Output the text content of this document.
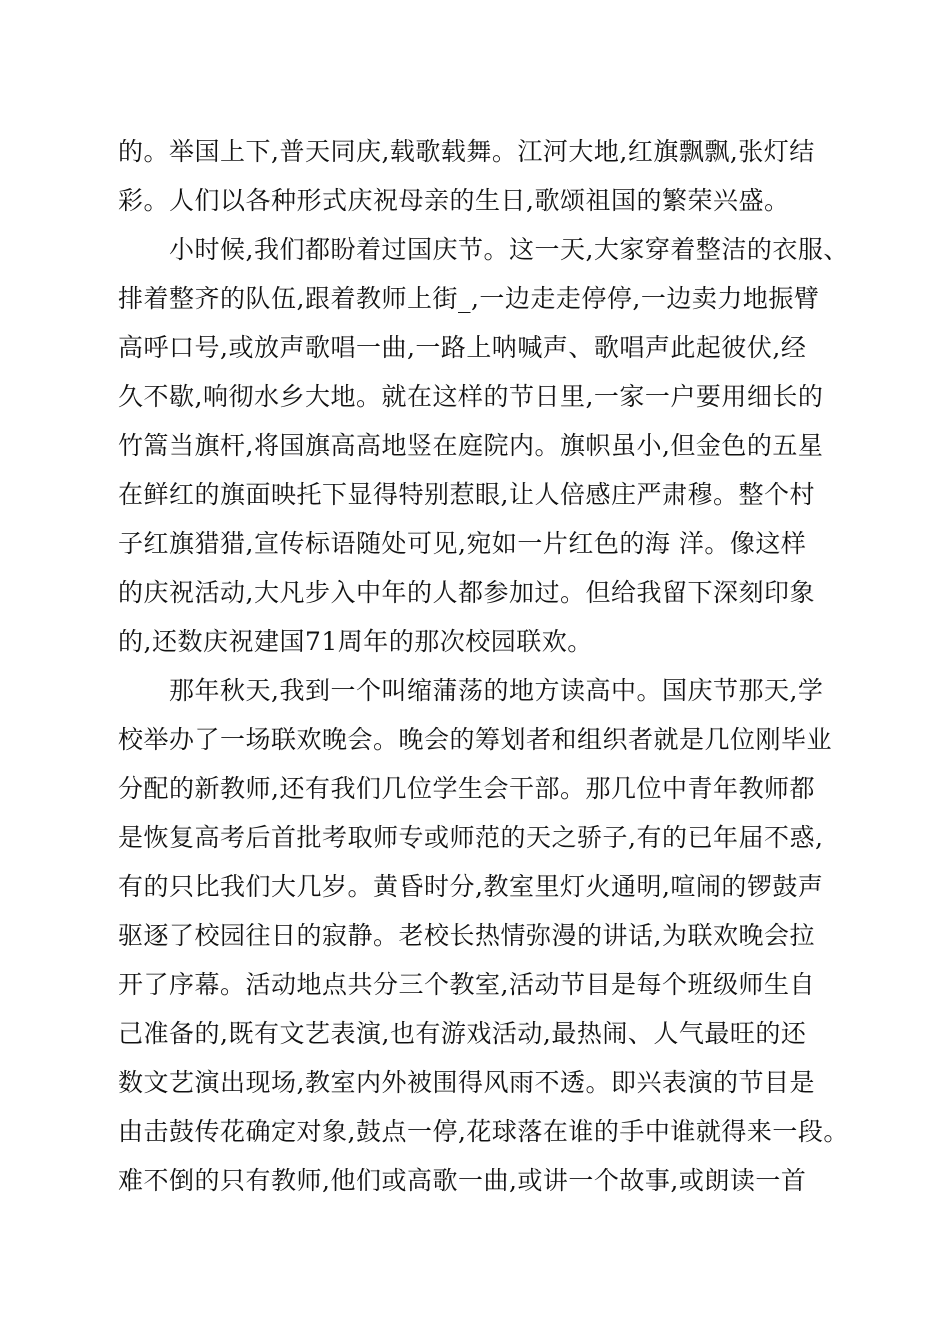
的。举国上下,普天同庆,载歌载舞。江河大地,红旗飘飘,张灯结
彩。人们以各种形式庆祝母亲的生日,歌颂祖国的繁荣兴盛。
　　小时候,我们都盼着过国庆节。这一天,大家穿着整洁的衣服、
排着整齐的队伍,跟着教师上街_,一边走走停停,一边卖力地振臂
高呼口号,或放声歌唱一曲,一路上呐喊声、歌唱声此起彼伏,经
久不歇,响彻水乡大地。就在这样的节日里,一家一户要用细长的
竹篙当旗杆,将国旗高高地竖在庭院内。旗帜虽小,但金色的五星
在鲜红的旗面映托下显得特别惹眼,让人倍感庄严肃穆。整个村
子红旗猎猎,宣传标语随处可见,宛如一片红色的海 洋。像这样
的庆祝活动,大凡步入中年的人都参加过。但给我留下深刻印象
的,还数庆祝建国71周年的那次校园联欢。
　　那年秋天,我到一个叫缩蒲荡的地方读高中。国庆节那天,学
校举办了一场联欢晚会。晚会的筹划者和组织者就是几位刚毕业
分配的新教师,还有我们几位学生会干部。那几位中青年教师都
是恢复高考后首批考取师专或师范的天之骄子,有的已年届不惑,
有的只比我们大几岁。黄昏时分,教室里灯火通明,喧闹的锣鼓声
驱逐了校园往日的寂静。老校长热情弥漫的讲话,为联欢晚会拉
开了序幕。活动地点共分三个教室,活动节目是每个班级师生自
己准备的,既有文艺表演,也有游戏活动,最热闹、人气最旺的还
数文艺演出现场,教室内外被围得风雨不透。即兴表演的节目是
由击鼓传花确定对象,鼓点一停,花球落在谁的手中谁就得来一段。
难不倒的只有教师,他们或高歌一曲,或讲一个故事,或朗读一首
